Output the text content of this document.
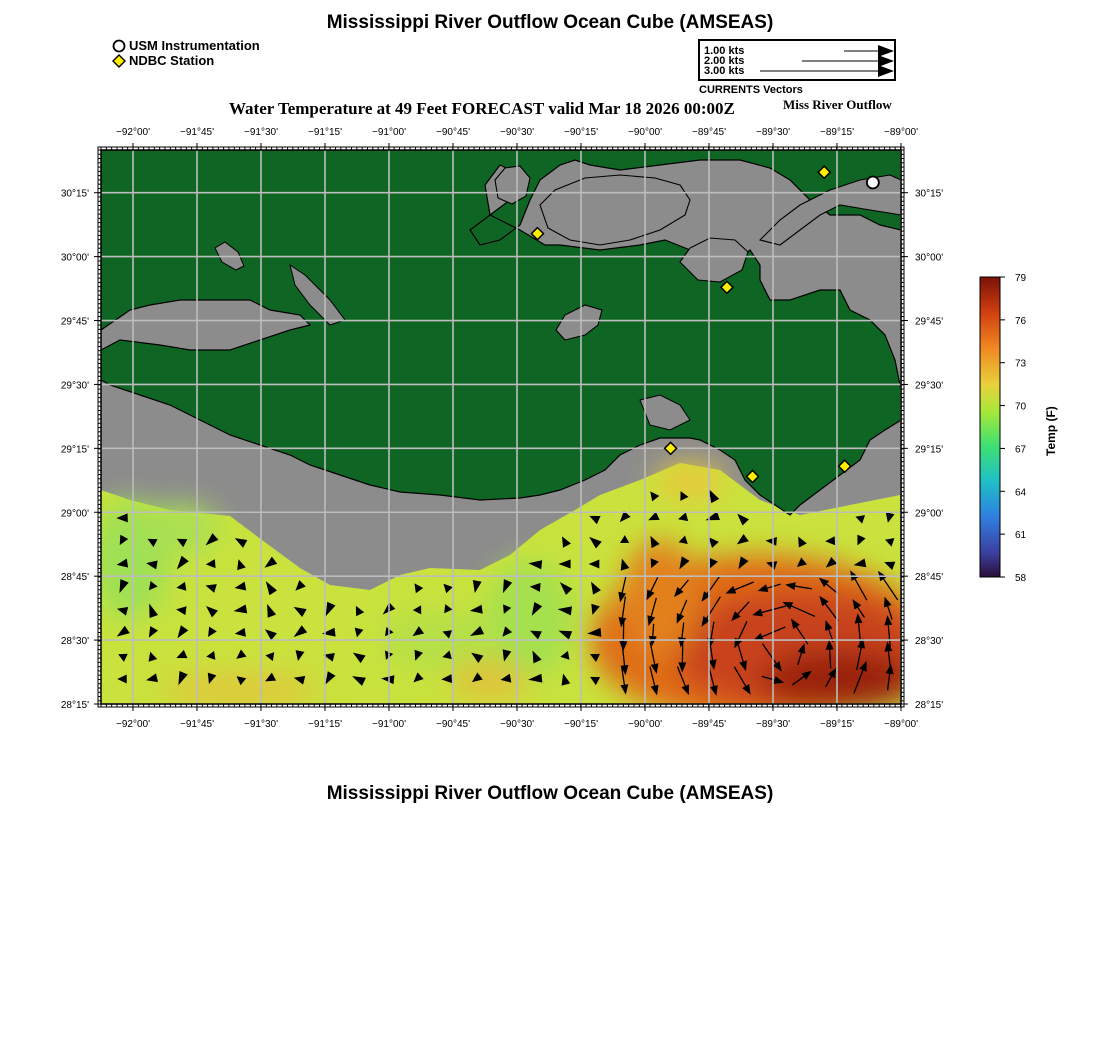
Mississippi River Outflow Ocean Cube (AMSEAS)
Mississippi River Outflow Ocean Cube (AMSEAS)
USM Instrumentation
NDBC Station
1.00 kts
2.00 kts
3.00 kts
CURRENTS Vectors
Water Temperature at 49 Feet FORECAST valid Mar 18 2026 00:00Z	Miss River Outflow
−92°00'
−92°00'
−91°45'
−91°45'
−91°30'
−91°30'
−91°15'
−91°15'
−91°00'
−91°00'
−90°45'
−90°45'
−90°30'
−90°30'
−90°15'
−90°15'
−90°00'
−90°00'
−89°45'
−89°45'
−89°30'
−89°30'
−89°15'
−89°15'
−89°00'
−89°00'
30°15'	30°15'
30°00'	30°00'
29°45'	29°45'
29°30'	29°30'
29°15'	29°15'
29°00'	29°00'
28°45'	28°45'
28°30'	28°30'
28°15'	28°15'
79
76
73
70
67
64
61
58
Temp (F)
